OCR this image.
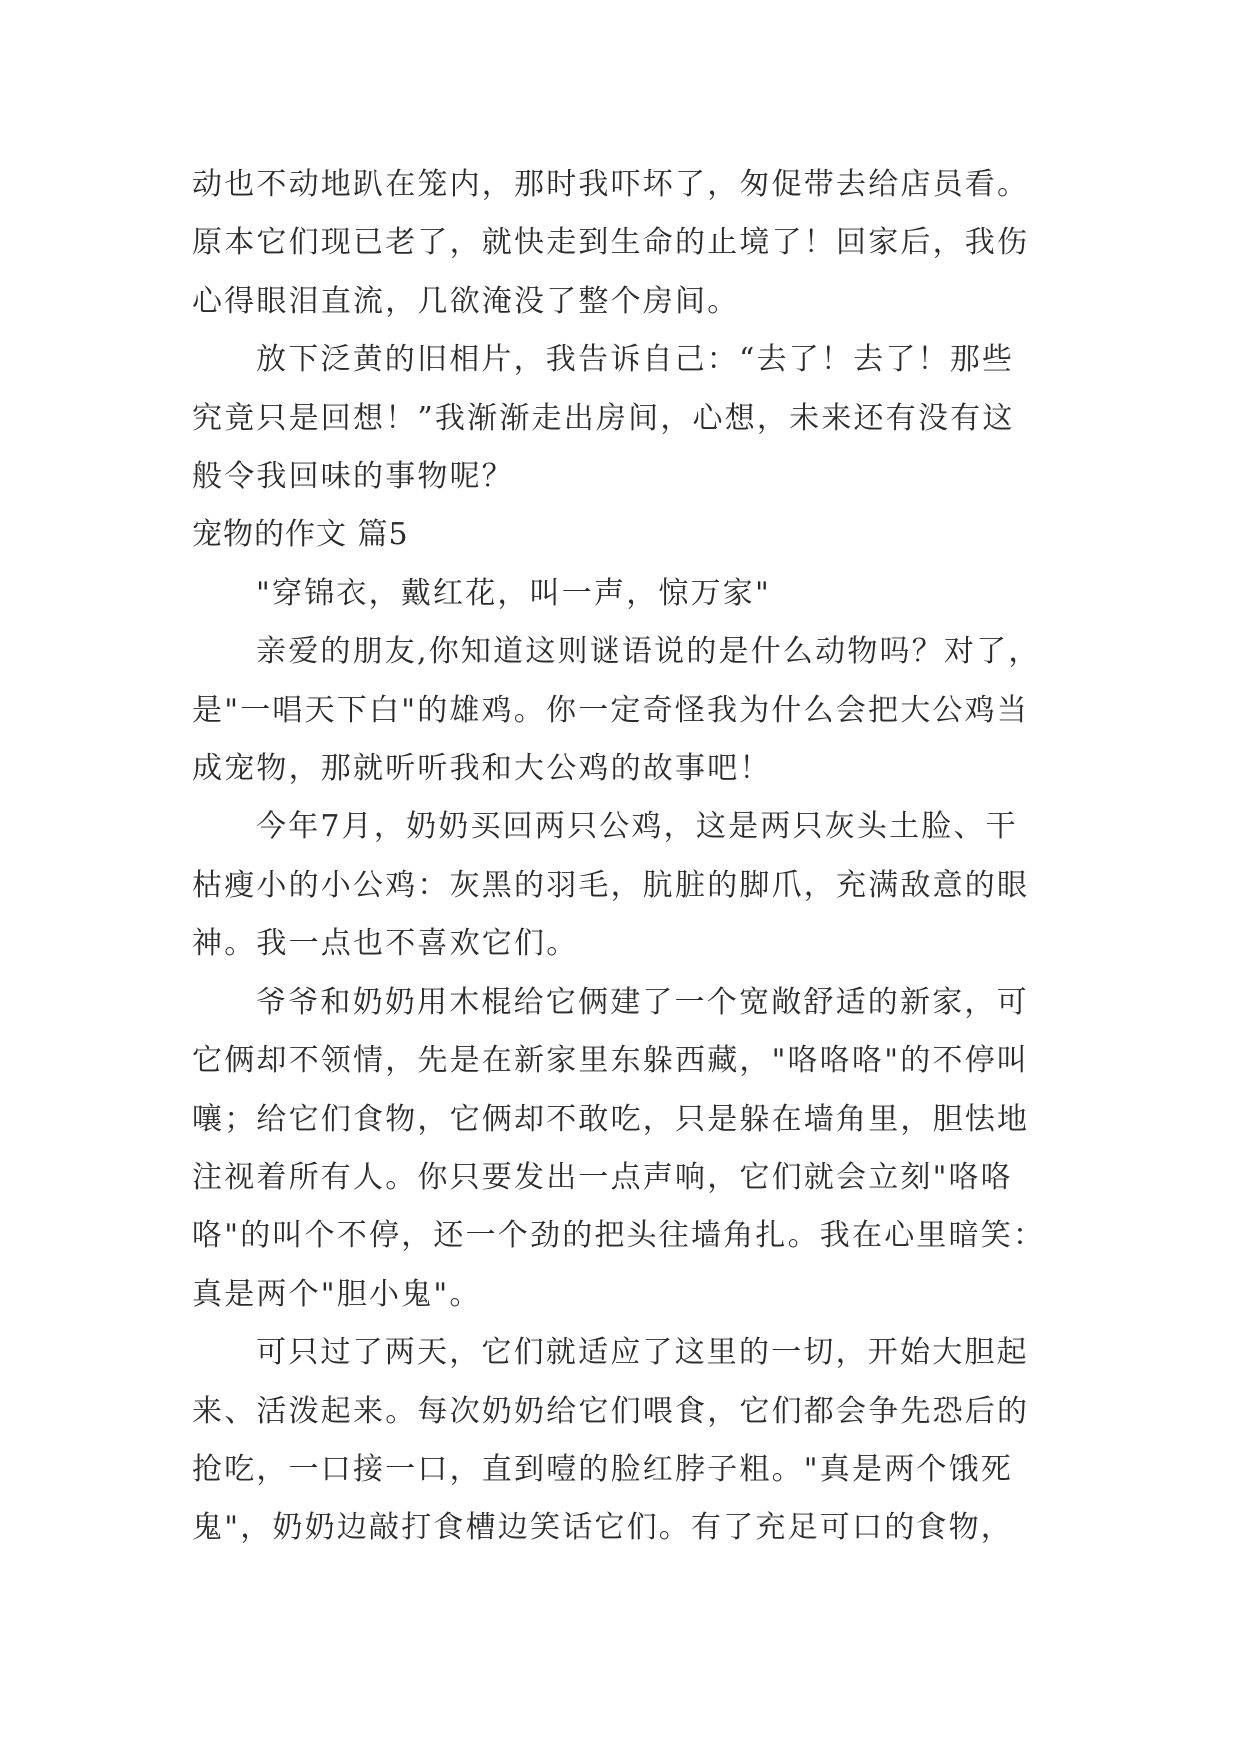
动也不动地趴在笼内，那时我吓坏了，匆促带去给店员看。
原本它们现已老了，就快走到生命的止境了！回家后，我伤
心得眼泪直流，几欲淹没了整个房间。
放下泛黄的旧相片，我告诉自己：“去了！去了！那些
究竟只是回想！”我渐渐走出房间，心想，未来还有没有这
般令我回味的事物呢？
宠物的作文 篇5
"穿锦衣，戴红花，叫一声，惊万家"
亲爱的朋友,你知道这则谜语说的是什么动物吗？对了，
是"一唱天下白"的雄鸡。你一定奇怪我为什么会把大公鸡当
成宠物，那就听听我和大公鸡的故事吧！
今年7月，奶奶买回两只公鸡，这是两只灰头土脸、干
枯瘦小的小公鸡：灰黑的羽毛，肮脏的脚爪，充满敌意的眼
神。我一点也不喜欢它们。
爷爷和奶奶用木棍给它俩建了一个宽敞舒适的新家，可
它俩却不领情，先是在新家里东躲西藏，"咯咯咯"的不停叫
嚷；给它们食物，它俩却不敢吃，只是躲在墙角里，胆怯地
注视着所有人。你只要发出一点声响，它们就会立刻"咯咯
咯"的叫个不停，还一个劲的把头往墙角扎。我在心里暗笑：
真是两个"胆小鬼"。
可只过了两天，它们就适应了这里的一切，开始大胆起
来、活泼起来。每次奶奶给它们喂食，它们都会争先恐后的
抢吃，一口接一口，直到噎的脸红脖子粗。"真是两个饿死
鬼"，奶奶边敲打食槽边笑话它们。有了充足可口的食物，
